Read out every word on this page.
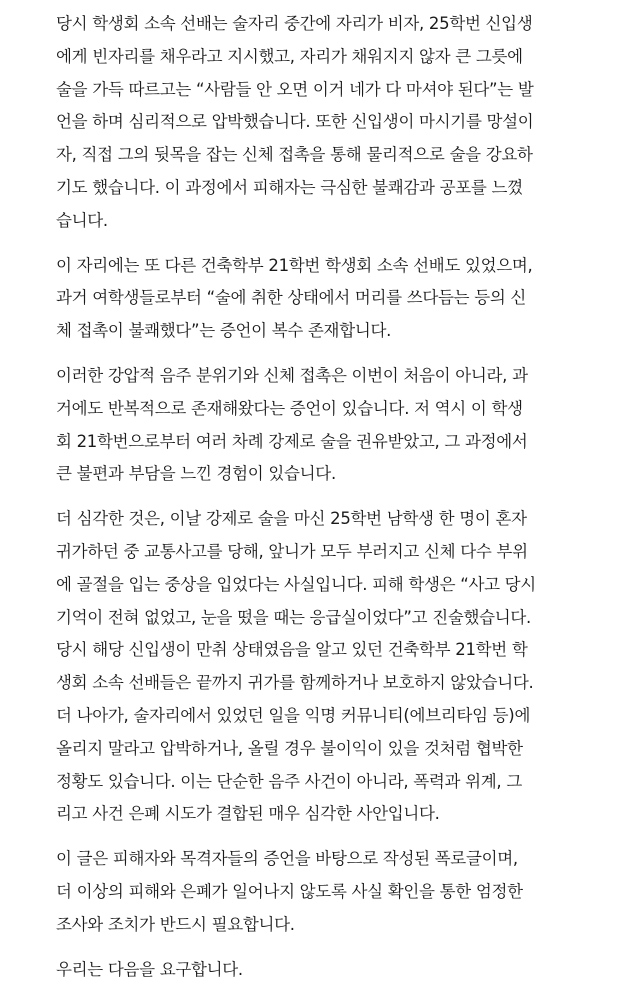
당시 학생회 소속 선배는 술자리 중간에 자리가 비자, 25학번 신입생
에게 빈자리를 채우라고 지시했고, 자리가 채워지지 않자 큰 그릇에
술을 가득 따르고는 “사람들 안 오면 이거 네가 다 마셔야 된다”는 발
언을 하며 심리적으로 압박했습니다. 또한 신입생이 마시기를 망설이
자, 직접 그의 뒷목을 잡는 신체 접촉을 통해 물리적으로 술을 강요하
기도 했습니다. 이 과정에서 피해자는 극심한 불쾌감과 공포를 느꼈
습니다.

이 자리에는 또 다른 건축학부 21학번 학생회 소속 선배도 있었으며,
과거 여학생들로부터 “술에 취한 상태에서 머리를 쓰다듬는 등의 신
체 접촉이 불쾌했다”는 증언이 복수 존재합니다.

이러한 강압적 음주 분위기와 신체 접촉은 이번이 처음이 아니라, 과
거에도 반복적으로 존재해왔다는 증언이 있습니다. 저 역시 이 학생
회 21학번으로부터 여러 차례 강제로 술을 권유받았고, 그 과정에서
큰 불편과 부담을 느낀 경험이 있습니다.

더 심각한 것은, 이날 강제로 술을 마신 25학번 남학생 한 명이 혼자
귀가하던 중 교통사고를 당해, 앞니가 모두 부러지고 신체 다수 부위
에 골절을 입는 중상을 입었다는 사실입니다. 피해 학생은 “사고 당시
기억이 전혀 없었고, 눈을 떴을 때는 응급실이었다”고 진술했습니다.
당시 해당 신입생이 만취 상태였음을 알고 있던 건축학부 21학번 학
생회 소속 선배들은 끝까지 귀가를 함께하거나 보호하지 않았습니다.
더 나아가, 술자리에서 있었던 일을 익명 커뮤니티(에브리타임 등)에
올리지 말라고 압박하거나, 올릴 경우 불이익이 있을 것처럼 협박한
정황도 있습니다. 이는 단순한 음주 사건이 아니라, 폭력과 위계, 그
리고 사건 은폐 시도가 결합된 매우 심각한 사안입니다.

이 글은 피해자와 목격자들의 증언을 바탕으로 작성된 폭로글이며,
더 이상의 피해와 은폐가 일어나지 않도록 사실 확인을 통한 엄정한
조사와 조치가 반드시 필요합니다.

우리는 다음을 요구합니다.
